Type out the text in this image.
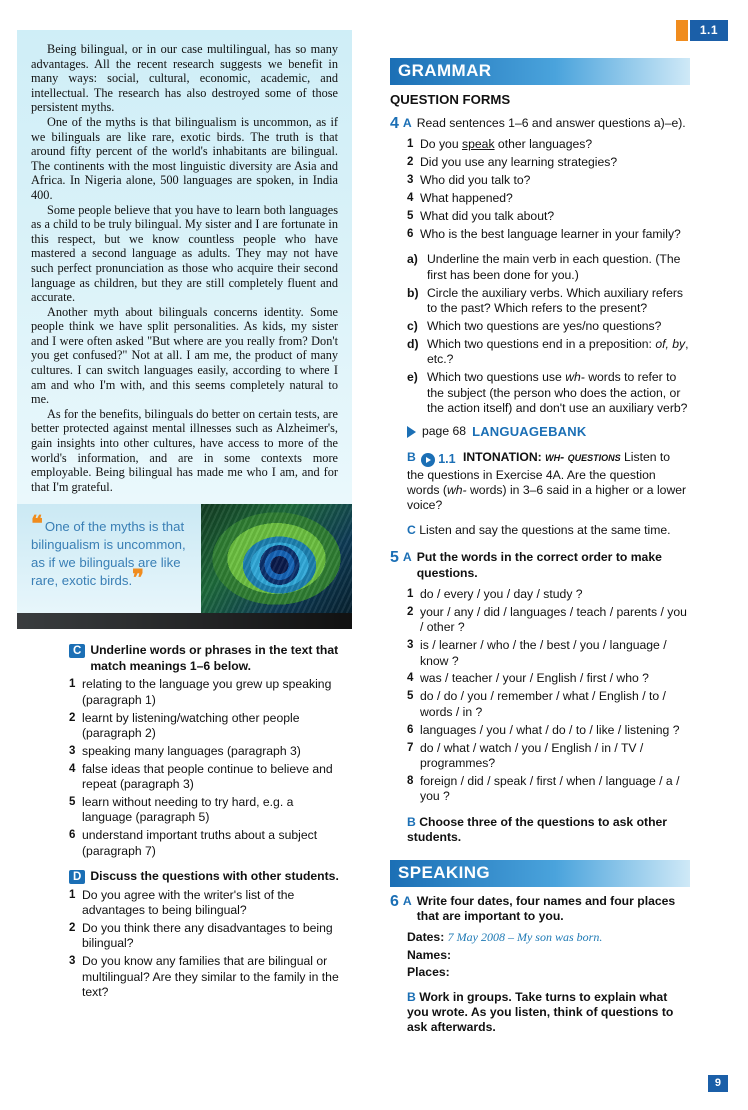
1.1

Being bilingual, or in our case multilingual, has so many advantages. All the recent research suggests we benefit in many ways: social, cultural, economic, academic, and intellectual. The research has also destroyed some of those persistent myths.

One of the myths is that bilingualism is uncommon, as if we bilinguals are like rare, exotic birds. The truth is that around fifty percent of the world's inhabitants are bilingual. The continents with the most linguistic diversity are Asia and Africa. In Nigeria alone, 500 languages are spoken, in India 400.

Some people believe that you have to learn both languages as a child to be truly bilingual. My sister and I are fortunate in this respect, but we know countless people who have mastered a second language as adults. They may not have such perfect pronunciation as those who acquire their second language as children, but they are still completely fluent and accurate.

Another myth about bilinguals concerns identity. Some people think we have split personalities. As kids, my sister and I were often asked "But where are you really from? Don't you get confused?" Not at all. I am me, the product of many cultures. I can switch languages easily, according to where I am and who I'm with, and this seems completely natural to me.

As for the benefits, bilinguals do better on certain tests, are better protected against mental illnesses such as Alzheimer's, gain insights into other cultures, have access to more of the world's information, and are in some contexts more employable. Being bilingual has made me who I am, and for that I'm grateful.

❝ One of the myths is that bilingualism is uncommon, as if we bilinguals are like rare, exotic birds.❞
C Underline words or phrases in the text that match meanings 1–6 below.
1 relating to the language you grew up speaking (paragraph 1)
2 learnt by listening/watching other people (paragraph 2)
3 speaking many languages (paragraph 3)
4 false ideas that people continue to believe and repeat (paragraph 3)
5 learn without needing to try hard, e.g. a language (paragraph 5)
6 understand important truths about a subject (paragraph 7)
D Discuss the questions with other students.
1 Do you agree with the writer's list of the advantages to being bilingual?
2 Do you think there any disadvantages to being bilingual?
3 Do you know any families that are bilingual or multilingual? Are they similar to the family in the text?
GRAMMAR
QUESTION FORMS
4 A Read sentences 1–6 and answer questions a)–e).
1 Do you speak other languages?
2 Did you use any learning strategies?
3 Who did you talk to?
4 What happened?
5 What did you talk about?
6 Who is the best language learner in your family?
a) Underline the main verb in each question. (The first has been done for you.)
b) Circle the auxiliary verbs. Which auxiliary refers to the past? Which refers to the present?
c) Which two questions are yes/no questions?
d) Which two questions end in a preposition: of, by, etc.?
e) Which two questions use wh- words to refer to the subject (the person who does the action, or the action itself) and don't use an auxiliary verb?
page 68 LANGUAGEBANK
B 1.1 INTONATION: wh- questions Listen to the questions in Exercise 4A. Are the question words (wh- words) in 3–6 said in a higher or a lower voice?
C Listen and say the questions at the same time.
5 A Put the words in the correct order to make questions.
1 do / every / you / day / study ?
2 your / any / did / languages / teach / parents / you / other ?
3 is / learner / who / the / best / you / language / know ?
4 was / teacher / your / English / first / who ?
5 do / do / you / remember / what / English / to / words / in ?
6 languages / you / what / do / to / like / listening ?
7 do / what / watch / you / English / in / TV / programmes?
8 foreign / did / speak / first / when / language / a / you ?
B Choose three of the questions to ask other students.
SPEAKING
6 A Write four dates, four names and four places that are important to you.
Dates: 7 May 2008 – My son was born.
Names:
Places:
B Work in groups. Take turns to explain what you wrote. As you listen, think of questions to ask afterwards.
9
